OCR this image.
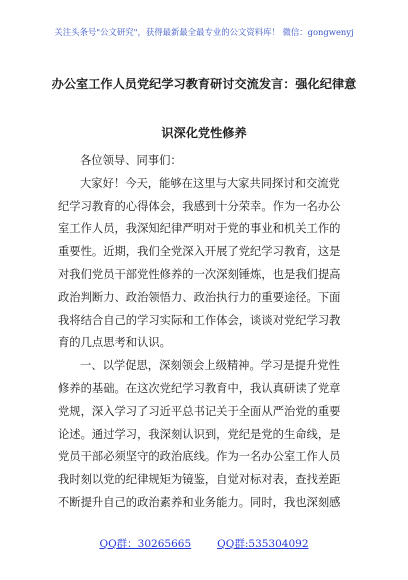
关注头条号"公文研究"，获得最新最全最专业的公文资料库！ 微信：gongwenyj
办公室工作人员党纪学习教育研讨交流发言：强化纪律意
识深化党性修养
各位领导、同事们：
大家好！今天，能够在这里与大家共同探讨和交流党
纪学习教育的心得体会，我感到十分荣幸。作为一名办公
室工作人员，我深知纪律严明对于党的事业和机关工作的
重要性。近期，我们全党深入开展了党纪学习教育，这是
对我们党员干部党性修养的一次深刻锤炼，也是我们提高
政治判断力、政治领悟力、政治执行力的重要途径。下面
我将结合自己的学习实际和工作体会，谈谈对党纪学习教
育的几点思考和认识。
一、以学促思，深刻领会上级精神。学习是提升党性
修养的基础。在这次党纪学习教育中，我认真研读了党章
党规，深入学习了习近平总书记关于全面从严治党的重要
论述。通过学习，我深刻认识到，党纪是党的生命线，是
党员干部必须坚守的政治底线。作为一名办公室工作人员
我时刻以党的纪律规矩为镜鉴，自觉对标对表，查找差距
不断提升自己的政治素养和业务能力。同时，我也深刻感
QQ群：30265665 QQ群:535304092
